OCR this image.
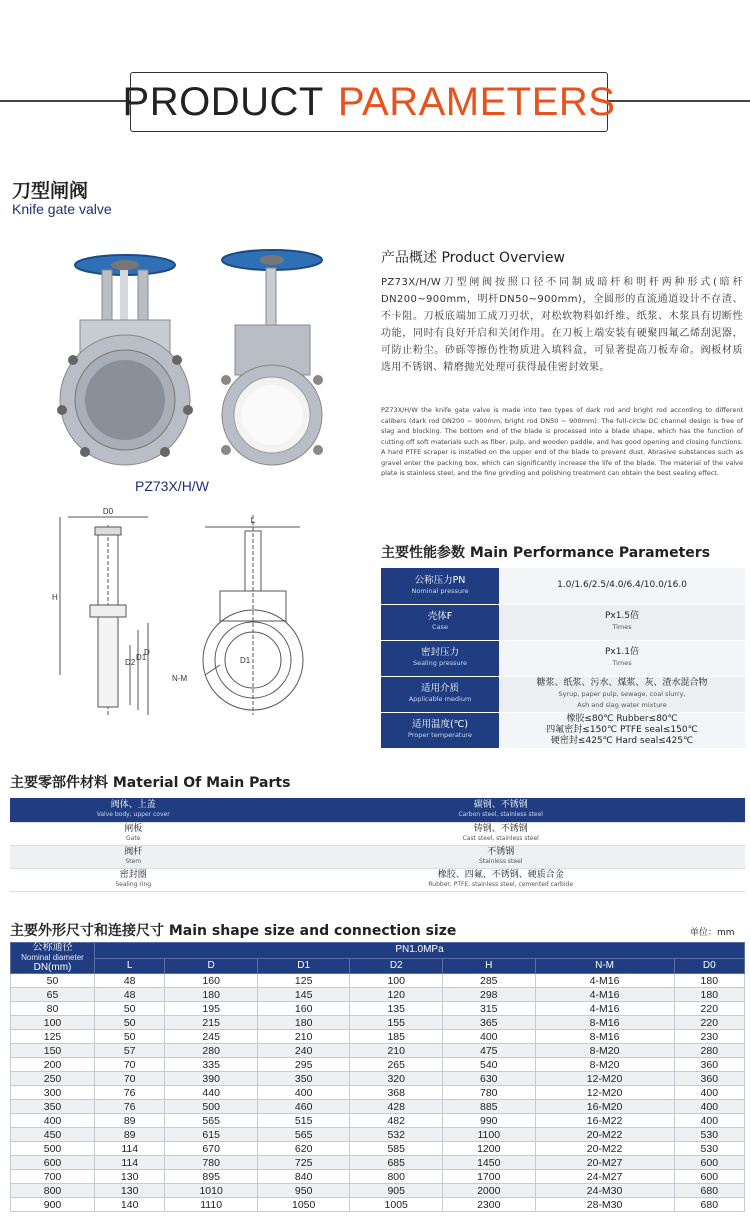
PRODUCT PARAMETERS
刀型闸阀
Knife gate valve
PZ73X/H/W
D0
H
D2
D1
D
D1
N-M
L
产品概述 Product Overview
PZ73X/H/W刀型闸阀按照口径不同制成暗杆和明杆两种形式(暗杆DN200~900mm，明杆DN50~900mm)，全圆形的直流通道设计不存渣、不卡阻。刀板底端加工成刀刃状，对松软物料如纤维、纸浆、木浆具有切断性功能，同时有良好开启和关闭作用。在刀板上端安装有硬聚四氟乙烯刮泥器，可防止粉尘。砂砾等擦伤性物质进入填料盒，可显著提高刀板寿命。阀板材质选用不锈钢、精磨抛光处理可获得最佳密封效果。
PZ73X/H/W the knife gate valve is made into two types of dark rod and bright rod according to different calibers (dark rod DN200 ~ 900mm, bright rod DN50 ~ 900mm). The full-circle DC channel design is free of slag and blocking. The bottom end of the blade is processed into a blade shape, which has the function of cutting off soft materials such as fiber, pulp, and wooden paddle, and has good opening and closing functions. A hard PTFE scraper is installed on the upper end of the blade to prevent dust. Abrasive substances such as gravel enter the packing box, which can significantly increase the life of the blade. The material of the valve plate is stainless steel, and the fine grinding and polishing treatment can obtain the best sealing effect.
主要性能参数 Main Performance Parameters
公称压力PN
Nominal pressure	1.0/1.6/2.5/4.0/6.4/10.0/16.0
壳体F
Case	Px1.5倍
Times
密封压力
Sealing pressure	Px1.1倍
Times
适用介质
Applicable medium	糖浆、纸浆、污水、煤浆、灰、渣水混合物
Syrup, paper pulp, sewage, coal slurry,
Ash and slag water mixture
适用温度(℃)
Proper temperature	橡胶≤80℃ Rubber≤80℃
四氟密封≤150℃ PTFE seal≤150℃
硬密封≤425℃ Hard seal≤425℃
主要零部件材料 Material Of Main Parts
阀体、上盖
Valve body, upper cover	碳钢、不锈钢
Carbon steel, stainless steel

闸板
Gate	铸钢、不锈钢
Cast steel, stainless steel

阀杆
Stem	不锈钢
Stainless steel

密封圈
Sealing ring	橡胶、四氟、不锈钢、硬质合金
Rubber, PTFE, stainless steel, cemented carbide
主要外形尺寸和连接尺寸 Main shape size and connection size	单位：mm
公称通径
Nominal diameter
DN(mm)	PN1.0MPa						
	L	D	D1	D2	H	N-M	D0
50	48	160	125	100	285	4-M16	180
65	48	180	145	120	298	4-M16	180
80	50	195	160	135	315	4-M16	220
100	50	215	180	155	365	8-M16	220
125	50	245	210	185	400	8-M16	230
150	57	280	240	210	475	8-M20	280
200	70	335	295	265	540	8-M20	360
250	70	390	350	320	630	12-M20	360
300	76	440	400	368	780	12-M20	400
350	76	500	460	428	885	16-M20	400
400	89	565	515	482	990	16-M22	400
450	89	615	565	532	1100	20-M22	530
500	114	670	620	585	1200	20-M22	530
600	114	780	725	685	1450	20-M27	600
700	130	895	840	800	1700	24-M27	600
800	130	1010	950	905	2000	24-M30	680
900	140	1110	1050	1005	2300	28-M30	680
